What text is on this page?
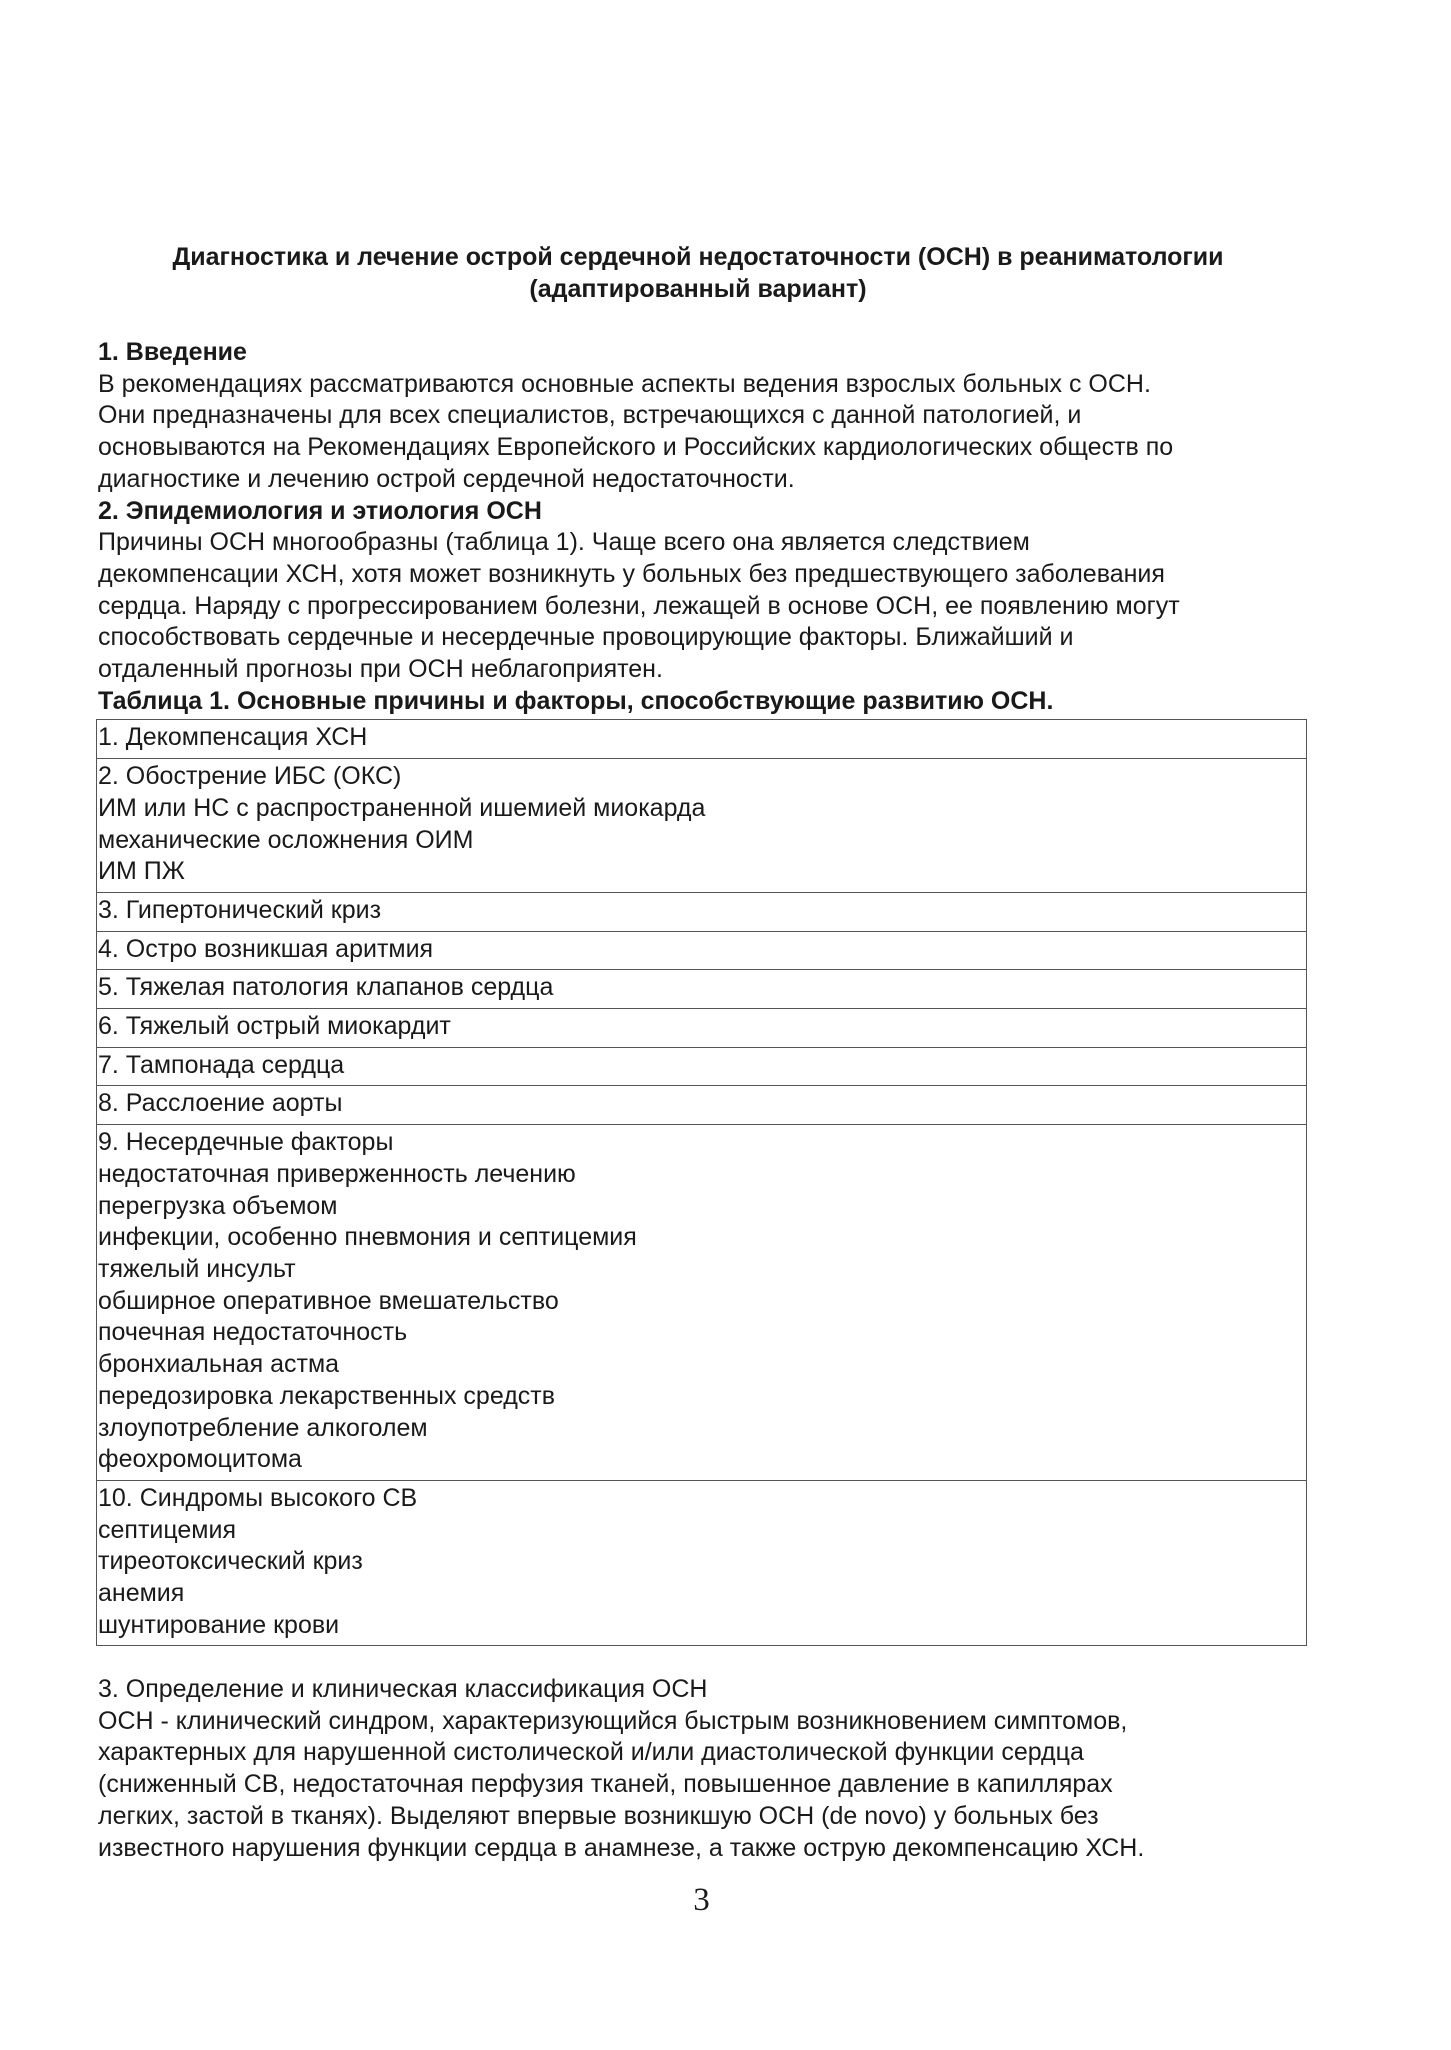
Диагностика и лечение острой сердечной недостаточности (ОСН) в реаниматологии
(адаптированный вариант)
1. Введение
В рекомендациях рассматриваются основные аспекты ведения взрослых больных с ОСН.
Они предназначены для всех специалистов, встречающихся с данной патологией, и
основываются на Рекомендациях Европейского и Российских кардиологических обществ по
диагностике и лечению острой сердечной недостаточности.
2. Эпидемиология и этиология ОСН
Причины ОСН многообразны (таблица 1). Чаще всего она является следствием
декомпенсации ХСН, хотя может возникнуть у больных без предшествующего заболевания
сердца. Наряду с прогрессированием болезни, лежащей в основе ОСН, ее появлению могут
способствовать сердечные и несердечные провоцирующие факторы. Ближайший и
отдаленный прогнозы при ОСН неблагоприятен.
Таблица 1. Основные причины и факторы, способствующие развитию ОСН.
1. Декомпенсация ХСН

2. Обострение ИБС (ОКС)
ИМ или НС с распространенной ишемией миокарда
механические осложнения ОИМ
ИМ ПЖ

3. Гипертонический криз

4. Остро возникшая аритмия

5. Тяжелая патология клапанов сердца

6. Тяжелый острый миокардит

7. Тампонада сердца

8. Расслоение аорты

9. Несердечные факторы
недостаточная приверженность лечению
перегрузка объемом
инфекции, особенно пневмония и септицемия
тяжелый инсульт
обширное оперативное вмешательство
почечная недостаточность
бронхиальная астма
передозировка лекарственных средств
злоупотребление алкоголем
феохромоцитома

10. Синдромы высокого СВ
септицемия
тиреотоксический криз
анемия
шунтирование крови
3. Определение и клиническая классификация ОСН
ОСН - клинический синдром, характеризующийся быстрым возникновением симптомов,
характерных для нарушенной систолической и/или диастолической функции сердца
(сниженный СВ, недостаточная перфузия тканей, повышенное давление в капиллярах
легких, застой в тканях). Выделяют впервые возникшую ОСН (de novo) у больных без
известного нарушения функции сердца в анамнезе, а также острую декомпенсацию ХСН.
3
